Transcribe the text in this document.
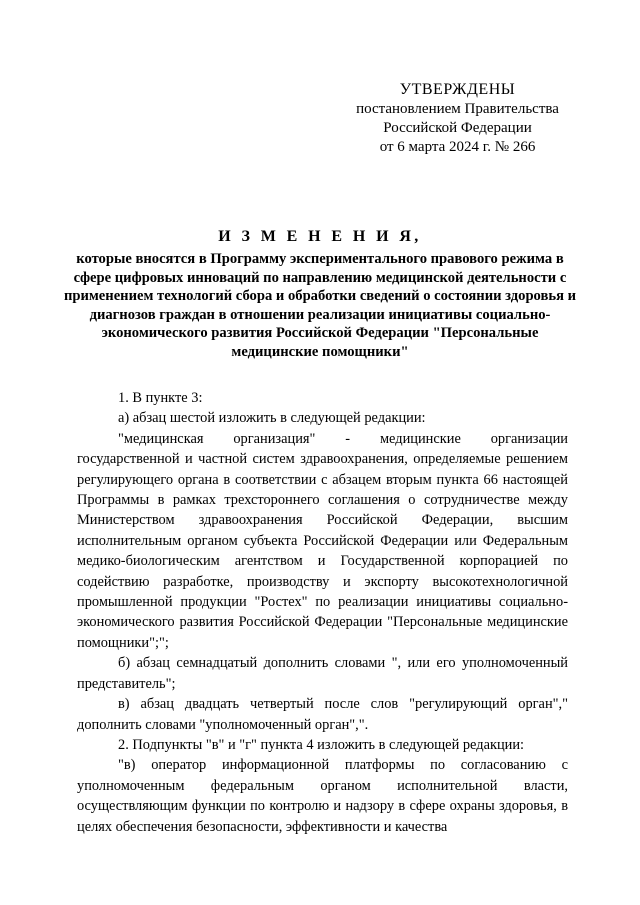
УТВЕРЖДЕНЫ
постановлением Правительства
Российской Федерации
от 6 марта 2024 г. № 266
И З М Е Н Е Н И Я,
которые вносятся в Программу экспериментального правового режима в сфере цифровых инноваций по направлению медицинской деятельности с применением технологий сбора и обработки сведений о состоянии здоровья и диагнозов граждан в отношении реализации инициативы социально-экономического развития Российской Федерации "Персональные медицинские помощники"

1. В пункте 3:

а) абзац шестой изложить в следующей редакции:

"медицинская организация" - медицинские организации государственной и частной систем здравоохранения, определяемые решением регулирующего органа в соответствии с абзацем вторым пункта 66 настоящей Программы в рамках трехстороннего соглашения о сотрудничестве между Министерством здравоохранения Российской Федерации, высшим исполнительным органом субъекта Российской Федерации или Федеральным медико-биологическим агентством и Государственной корпорацией по содействию разработке, производству и экспорту высокотехнологичной промышленной продукции "Ростех" по реализации инициативы социально-экономического развития Российской Федерации "Персональные медицинские помощники";";

б) абзац семнадцатый дополнить словами ", или его уполномоченный представитель";

в) абзац двадцать четвертый после слов "регулирующий орган"," дополнить словами "уполномоченный орган",".

2. Подпункты "в" и "г" пункта 4 изложить в следующей редакции:

"в) оператор информационной платформы по согласованию с уполномоченным федеральным органом исполнительной власти, осуществляющим функции по контролю и надзору в сфере охраны здоровья, в целях обеспечения безопасности, эффективности и качества
